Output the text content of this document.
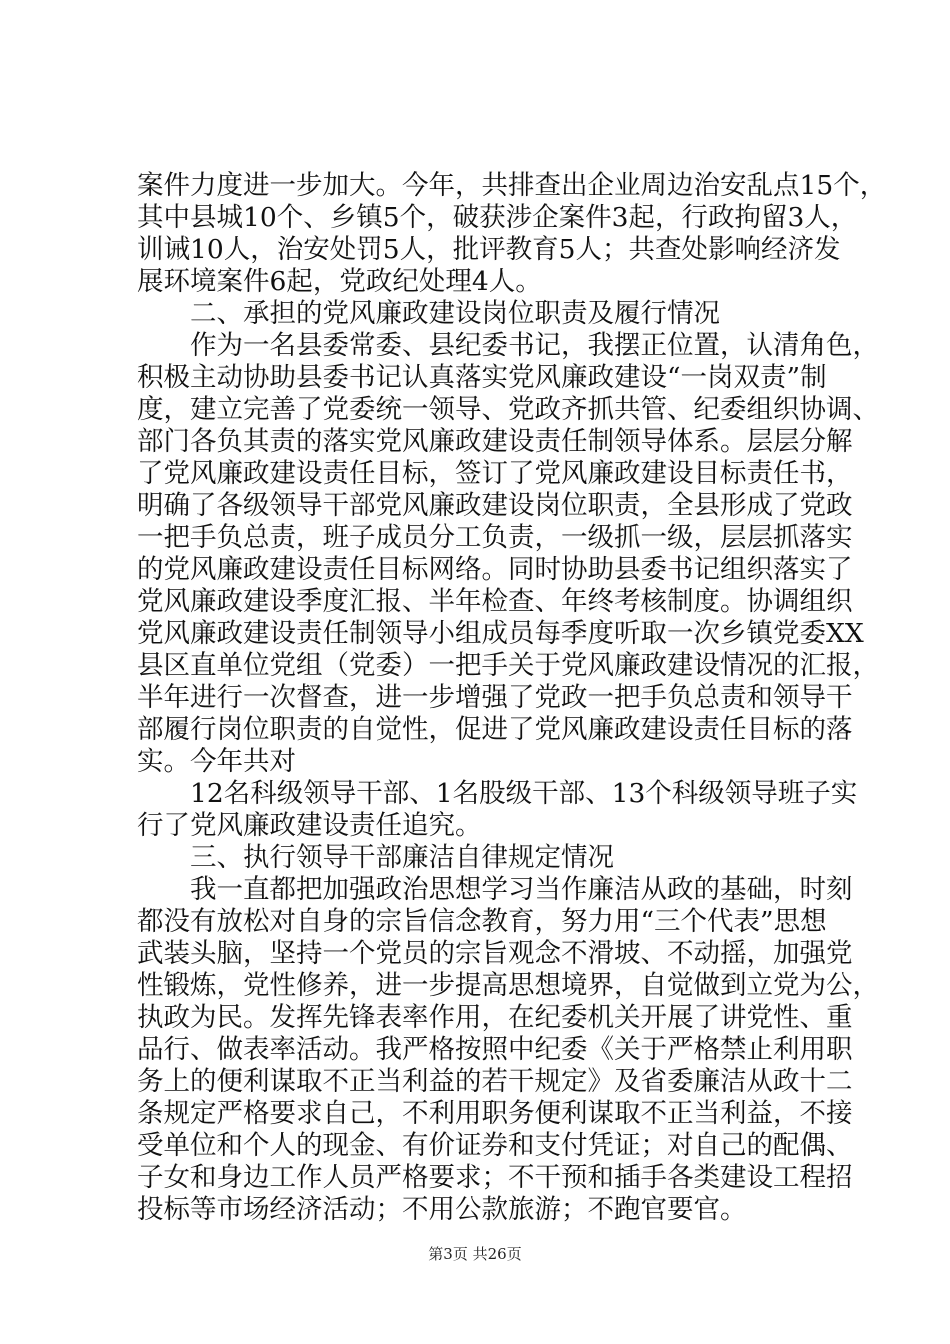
案件力度进一步加大。今年，共排查出企业周边治安乱点15个，
其中县城10个、乡镇5个，破获涉企案件3起，行政拘留3人，
训诫10人，治安处罚5人，批评教育5人；共查处影响经济发
展环境案件6起，党政纪处理4人。
　　二、承担的党风廉政建设岗位职责及履行情况
　　作为一名县委常委、县纪委书记，我摆正位置，认清角色，
积极主动协助县委书记认真落实党风廉政建设“一岗双责”制
度，建立完善了党委统一领导、党政齐抓共管、纪委组织协调、
部门各负其责的落实党风廉政建设责任制领导体系。层层分解
了党风廉政建设责任目标，签订了党风廉政建设目标责任书，
明确了各级领导干部党风廉政建设岗位职责，全县形成了党政
一把手负总责，班子成员分工负责，一级抓一级，层层抓落实
的党风廉政建设责任目标网络。同时协助县委书记组织落实了
党风廉政建设季度汇报、半年检查、年终考核制度。协调组织
党风廉政建设责任制领导小组成员每季度听取一次乡镇党委XX
县区直单位党组（党委）一把手关于党风廉政建设情况的汇报，
半年进行一次督查，进一步增强了党政一把手负总责和领导干
部履行岗位职责的自觉性，促进了党风廉政建设责任目标的落
实。今年共对
　　12名科级领导干部、1名股级干部、13个科级领导班子实
行了党风廉政建设责任追究。
　　三、执行领导干部廉洁自律规定情况
　　我一直都把加强政治思想学习当作廉洁从政的基础，时刻
都没有放松对自身的宗旨信念教育，努力用“三个代表”思想
武装头脑，坚持一个党员的宗旨观念不滑坡、不动摇，加强党
性锻炼，党性修养，进一步提高思想境界，自觉做到立党为公，
执政为民。发挥先锋表率作用，在纪委机关开展了讲党性、重
品行、做表率活动。我严格按照中纪委《关于严格禁止利用职
务上的便利谋取不正当利益的若干规定》及省委廉洁从政十二
条规定严格要求自己，不利用职务便利谋取不正当利益，不接
受单位和个人的现金、有价证券和支付凭证；对自己的配偶、
子女和身边工作人员严格要求；不干预和插手各类建设工程招
投标等市场经济活动；不用公款旅游；不跑官要官。
第3页 共26页
